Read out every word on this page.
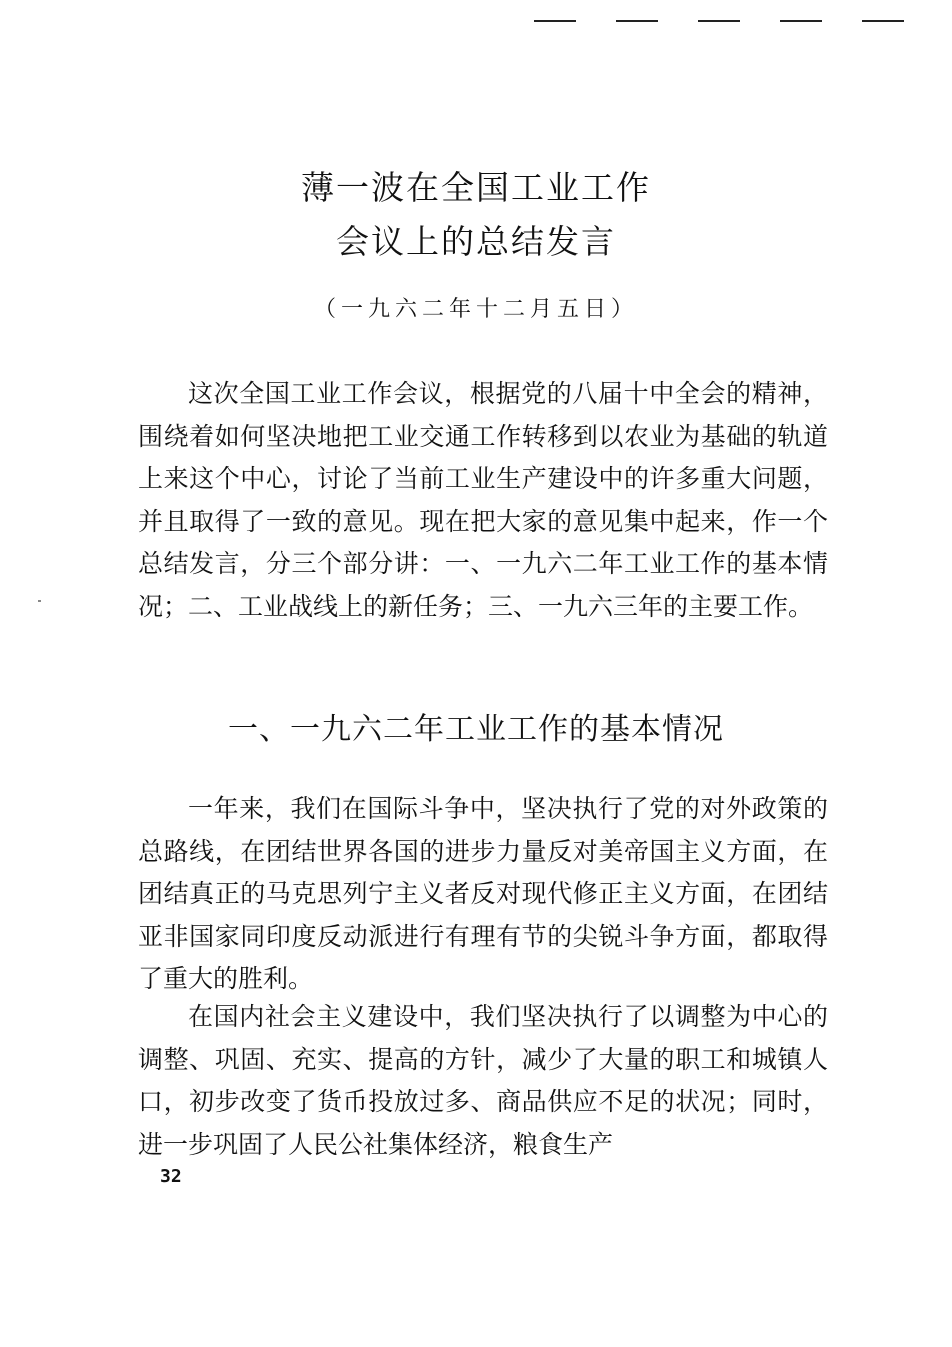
薄一波在全国工业工作
会议上的总结发言

（一九六二年十二月五日）

这次全国工业工作会议，根据党的八届十中全会的精神，围绕着如何坚决地把工业交通工作转移到以农业为基础的轨道上来这个中心，讨论了当前工业生产建设中的许多重大问题，并且取得了一致的意见。现在把大家的意见集中起来，作一个总结发言，分三个部分讲：一、一九六二年工业工作的基本情况；二、工业战线上的新任务；三、一九六三年的主要工作。

一、一九六二年工业工作的基本情况

一年来，我们在国际斗争中，坚决执行了党的对外政策的总路线，在团结世界各国的进步力量反对美帝国主义方面，在团结真正的马克思列宁主义者反对现代修正主义方面，在团结亚非国家同印度反动派进行有理有节的尖锐斗争方面，都取得了重大的胜利。

在国内社会主义建设中，我们坚决执行了以调整为中心的调整、巩固、充实、提高的方针，减少了大量的职工和城镇人口，初步改变了货币投放过多、商品供应不足的状况；同时，进一步巩固了人民公社集体经济，粮食生产

32
